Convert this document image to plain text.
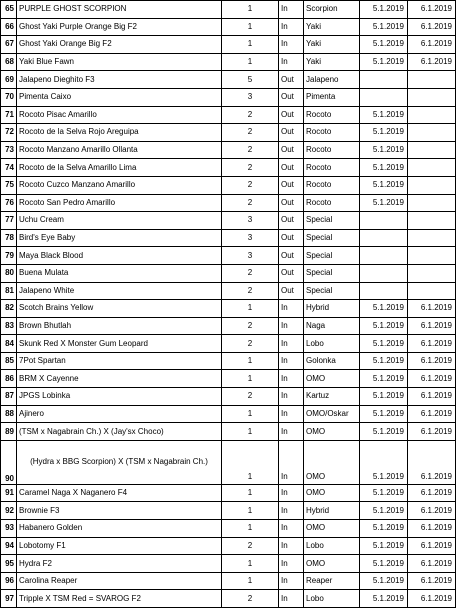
65	PURPLE GHOST SCORPION	1	In	Scorpion	5.1.2019	6.1.2019
66	Ghost Yaki Purple Orange Big F2	1	In	Yaki	5.1.2019	6.1.2019
67	Ghost Yaki Orange Big F2	1	In	Yaki	5.1.2019	6.1.2019
68	Yaki Blue Fawn	1	In	Yaki	5.1.2019	6.1.2019
69	Jalapeno Dieghito F3	5	Out	Jalapeno		
70	Pimenta Caixo	3	Out	Pimenta		
71	Rocoto Pisac Amarillo	2	Out	Rocoto	5.1.2019	
72	Rocoto de la Selva Rojo Areguipa	2	Out	Rocoto	5.1.2019	
73	Rocoto Manzano Amarillo Ollanta	2	Out	Rocoto	5.1.2019	
74	Rocoto de la Selva Amarillo Lima	2	Out	Rocoto	5.1.2019	
75	Rocoto Cuzco Manzano Amarillo	2	Out	Rocoto	5.1.2019	
76	Rocoto San Pedro Amarillo	2	Out	Rocoto	5.1.2019	
77	Uchu Cream	3	Out	Special		
78	Bird's Eye Baby	3	Out	Special		
79	Maya Black Blood	3	Out	Special		
80	Buena Mulata	2	Out	Special		
81	Jalapeno White	2	Out	Special		
82	Scotch Brains Yellow	1	In	Hybrid	5.1.2019	6.1.2019
83	Brown Bhutlah	2	In	Naga	5.1.2019	6.1.2019
84	Skunk Red X Monster Gum Leopard	2	In	Lobo	5.1.2019	6.1.2019
85	7Pot Spartan	1	In	Golonka	5.1.2019	6.1.2019
86	BRM X Cayenne	1	In	OMO	5.1.2019	6.1.2019
87	JPGS Lobinka	2	In	Kartuz	5.1.2019	6.1.2019
88	Ajinero	1	In	OMO/Oskar	5.1.2019	6.1.2019
89	(TSM x Nagabrain Ch.) X (Jay'sx Choco)	1	In	OMO	5.1.2019	6.1.2019
90	(Hydra x BBG Scorpion) X (TSM x Nagabrain Ch.)	1	In	OMO	5.1.2019	6.1.2019
91	Caramel Naga X Naganero F4	1	In	OMO	5.1.2019	6.1.2019
92	Brownie F3	1	In	Hybrid	5.1.2019	6.1.2019
93	Habanero Golden	1	In	OMO	5.1.2019	6.1.2019
94	Lobotomy F1	2	In	Lobo	5.1.2019	6.1.2019
95	Hydra F2	1	In	OMO	5.1.2019	6.1.2019
96	Carolina Reaper	1	In	Reaper	5.1.2019	6.1.2019
97	Tripple X TSM Red = SVAROG F2	2	In	Lobo	5.1.2019	6.1.2019
